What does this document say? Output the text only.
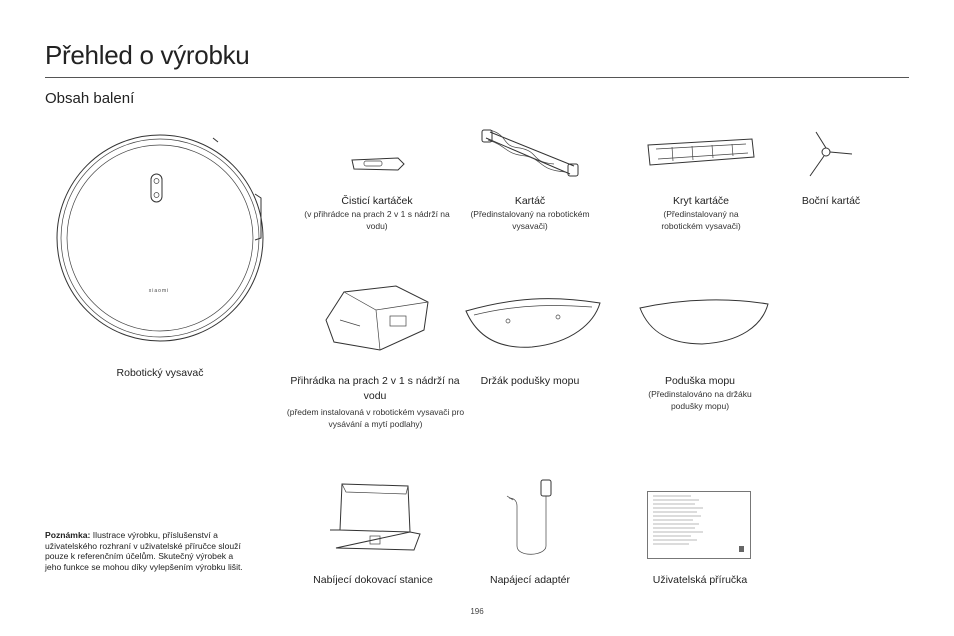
Přehled o výrobku
Obsah balení
xiaomi
Robotický vysavač
Čisticí kartáček
(v přihrádce na prach 2 v 1 s nádrží na vodu)
Kartáč
(Předinstalovaný na robotickém vysavači)
Kryt kartáče
(Předinstalovaný na robotickém vysavači)
Boční kartáč
Přihrádka na prach 2 v 1 s nádrží na vodu
(předem instalovaná v robotickém vysavači pro vysávání a mytí podlahy)
Držák podušky mopu	Poduška mopu
(Předinstalováno na držáku podušky mopu)
Poznámka: Ilustrace výrobku, příslušenství a uživatelského rozhraní v uživatelské příručce slouží pouze k referenčním účelům. Skutečný výrobek a jeho funkce se mohou díky vylepšením výrobku lišit.
Nabíjecí dokovací stanice	Napájecí adaptér	Uživatelská příručka
196
